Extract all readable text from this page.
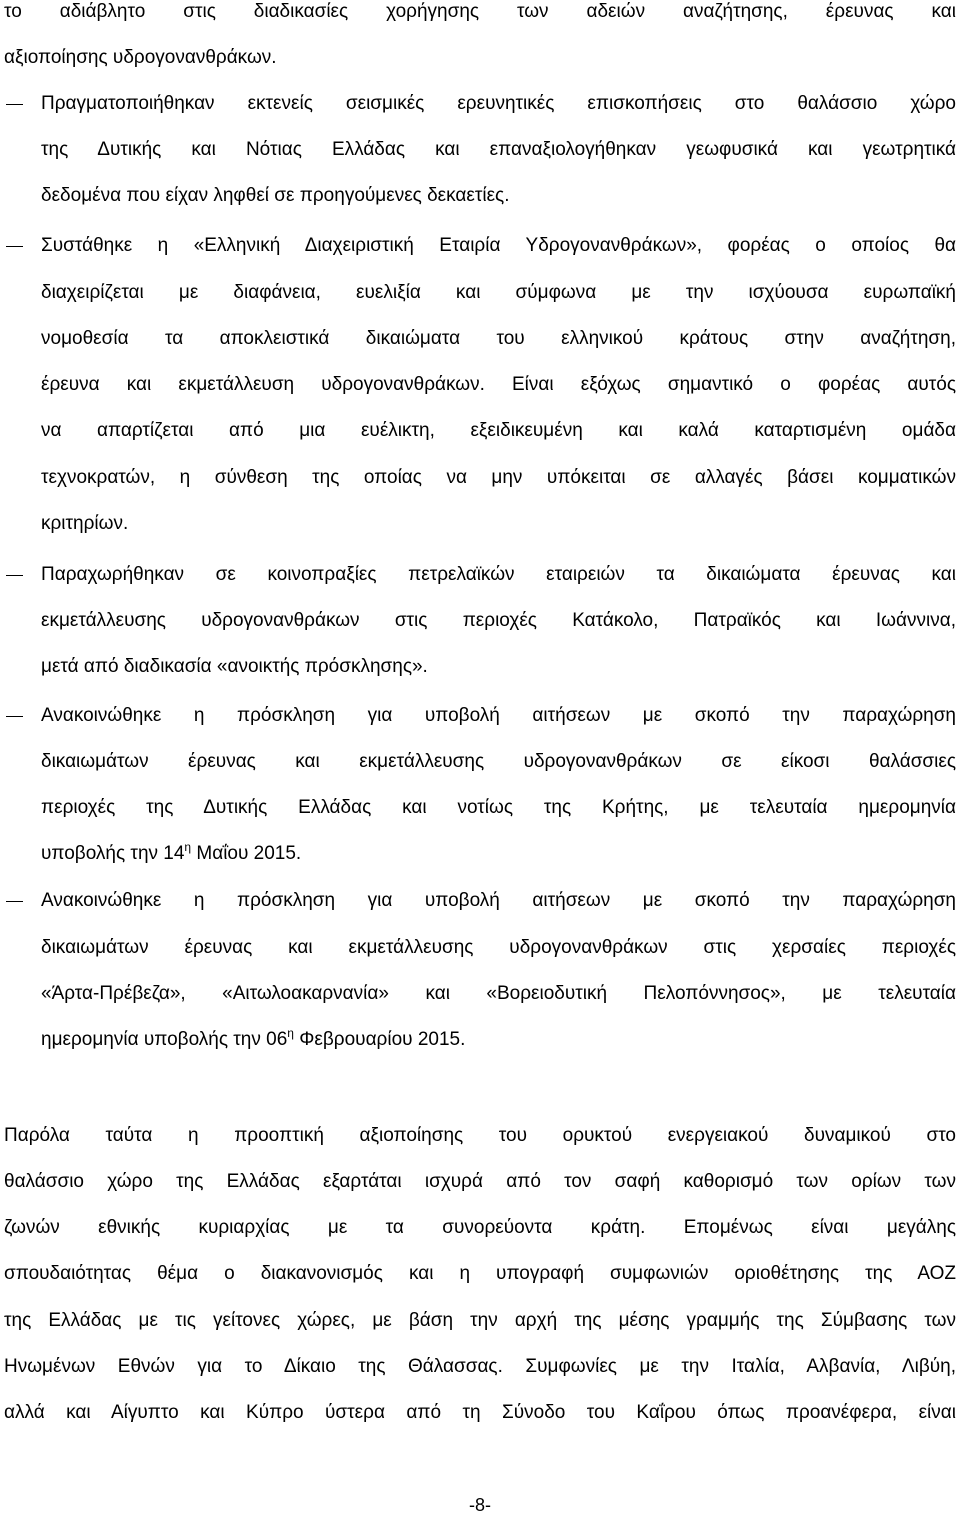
το αδιάβλητο στις διαδικασίες χορήγησης των αδειών αναζήτησης, έρευνας και
αξιοποίησης υδρογονανθράκων.
Πραγματοποιήθηκαν εκτενείς σεισμικές ερευνητικές επισκοπήσεις στο θαλάσσιο χώρο
της Δυτικής και Νότιας Ελλάδας και επαναξιολογήθηκαν γεωφυσικά και γεωτρητικά
δεδομένα που είχαν ληφθεί σε προηγούμενες δεκαετίες.
Συστάθηκε η «Ελληνική Διαχειριστική Εταιρία Υδρογονανθράκων», φορέας ο οποίος θα
διαχειρίζεται με διαφάνεια, ευελιξία και σύμφωνα με την ισχύουσα ευρωπαϊκή
νομοθεσία τα αποκλειστικά δικαιώματα του ελληνικού κράτους στην αναζήτηση,
έρευνα και εκμετάλλευση υδρογονανθράκων. Είναι εξόχως σημαντικό ο φορέας αυτός
να απαρτίζεται από μια ευέλικτη, εξειδικευμένη και καλά καταρτισμένη ομάδα
τεχνοκρατών, η σύνθεση της οποίας να μην υπόκειται σε αλλαγές βάσει κομματικών
κριτηρίων.
Παραχωρήθηκαν σε κοινοπραξίες πετρελαϊκών εταιρειών τα δικαιώματα έρευνας και
εκμετάλλευσης υδρογονανθράκων στις περιοχές Κατάκολο, Πατραϊκός και Ιωάννινα,
μετά από διαδικασία «ανοικτής πρόσκλησης».
Ανακοινώθηκε η πρόσκληση για υποβολή αιτήσεων με σκοπό την παραχώρηση
δικαιωμάτων έρευνας και εκμετάλλευσης υδρογονανθράκων σε είκοσι θαλάσσιες
περιοχές της Δυτικής Ελλάδας και νοτίως της Κρήτης, με τελευταία ημερομηνία
υποβολής την $14^\eta$ Μαΐου 2015.
Ανακοινώθηκε η πρόσκληση για υποβολή αιτήσεων με σκοπό την παραχώρηση
δικαιωμάτων έρευνας και εκμετάλλευσης υδρογονανθράκων στις χερσαίες περιοχές
«Άρτα-Πρέβεζα», «Αιτωλοακαρνανία» και «Βορειοδυτική Πελοπόννησος», με τελευταία
ημερομηνία υποβολής την $06^\eta$ Φεβρουαρίου 2015.
Παρόλα ταύτα η προοπτική αξιοποίησης του ορυκτού ενεργειακού δυναμικού στο
θαλάσσιο χώρο της Ελλάδας εξαρτάται ισχυρά από τον σαφή καθορισμό των ορίων των
ζωνών εθνικής κυριαρχίας με τα συνορεύοντα κράτη. Επομένως είναι μεγάλης
σπουδαιότητας θέμα ο διακανονισμός και η υπογραφή συμφωνιών οριοθέτησης της ΑΟΖ
της Ελλάδας με τις γείτονες χώρες, με βάση την αρχή της μέσης γραμμής της Σύμβασης των
Ηνωμένων Εθνών για το Δίκαιο της Θάλασσας. Συμφωνίες με την Ιταλία, Αλβανία, Λιβύη,
αλλά και Αίγυπτο και Κύπρο ύστερα από τη Σύνοδο του Καΐρου όπως προανέφερα, είναι
-8-
